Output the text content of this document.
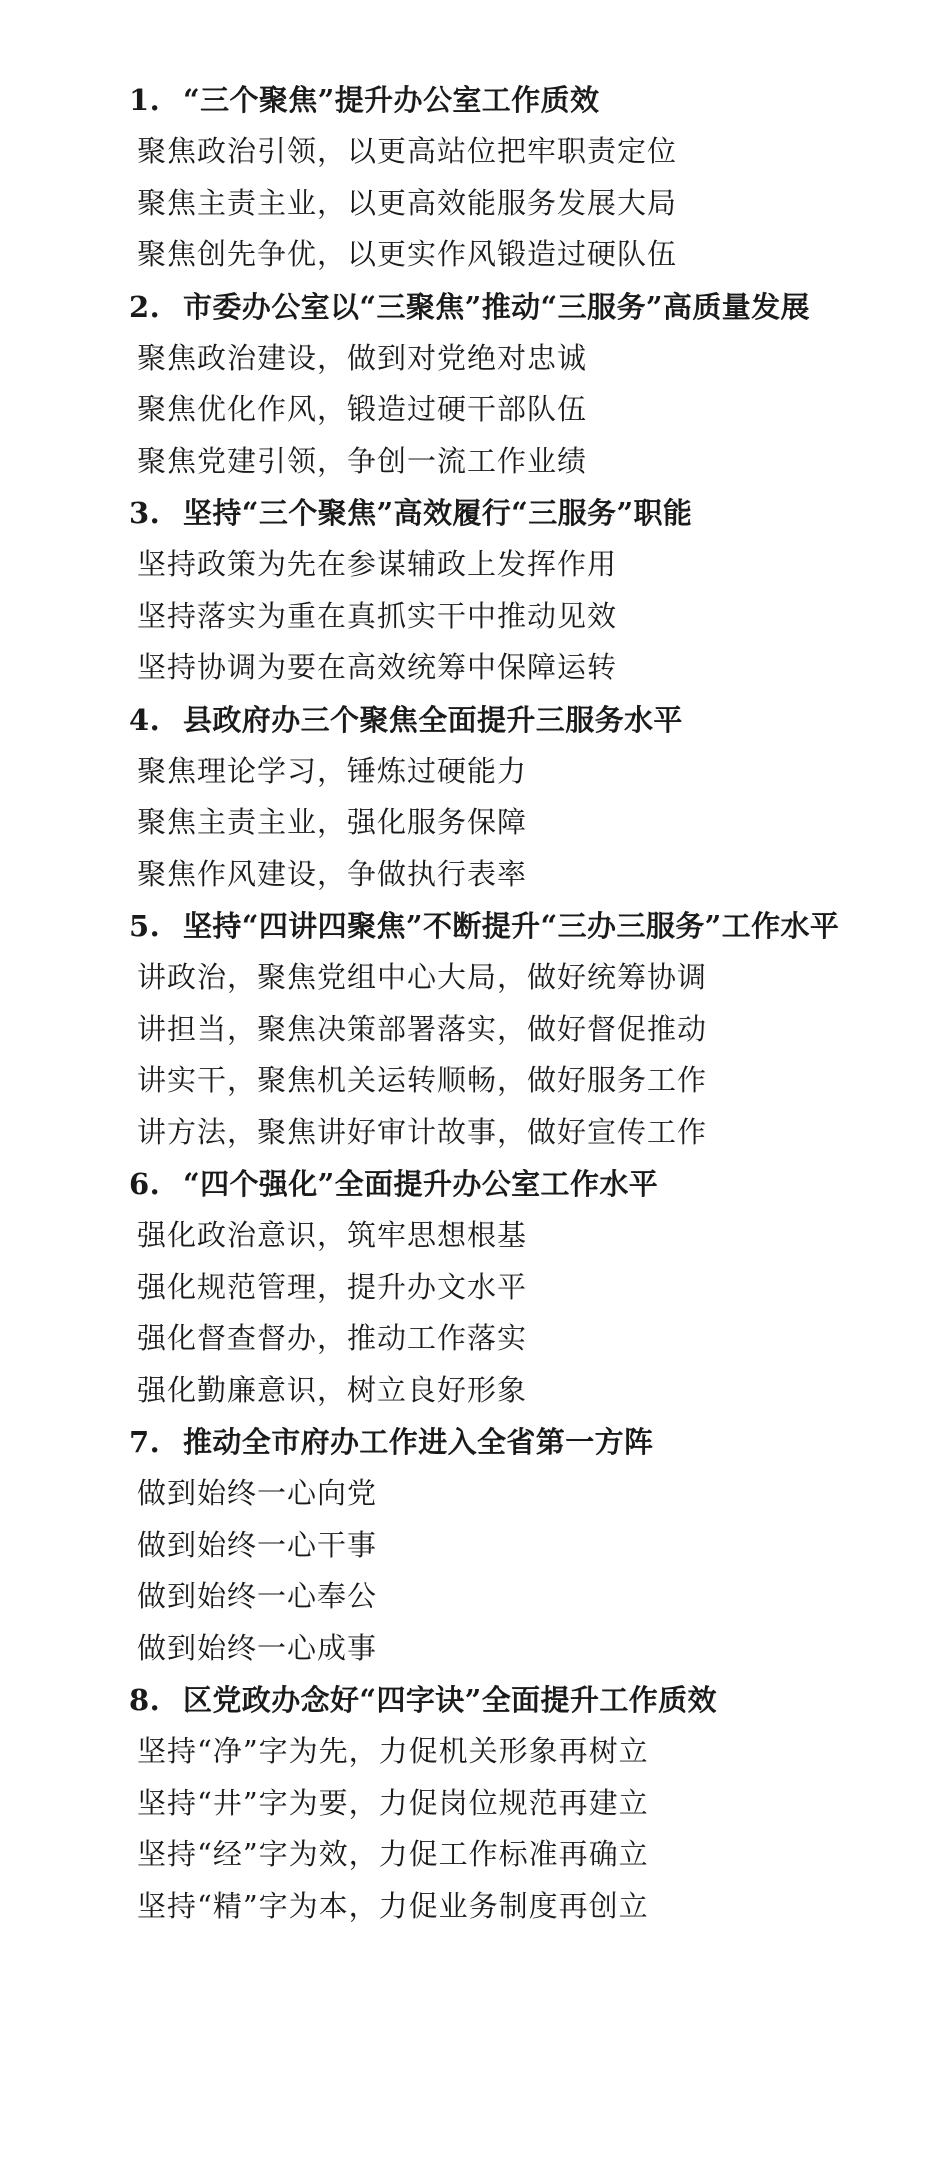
1. “三个聚焦”提升办公室工作质效

聚焦政治引领，以更高站位把牢职责定位

聚焦主责主业，以更高效能服务发展大局

聚焦创先争优，以更实作风锻造过硬队伍

2. 市委办公室以“三聚焦”推动“三服务”高质量发展

聚焦政治建设，做到对党绝对忠诚

聚焦优化作风，锻造过硬干部队伍

聚焦党建引领，争创一流工作业绩

3. 坚持“三个聚焦”高效履行“三服务”职能

坚持政策为先在参谋辅政上发挥作用

坚持落实为重在真抓实干中推动见效

坚持协调为要在高效统筹中保障运转

4. 县政府办三个聚焦全面提升三服务水平

聚焦理论学习，锤炼过硬能力

聚焦主责主业，强化服务保障

聚焦作风建设，争做执行表率

5. 坚持“四讲四聚焦”不断提升“三办三服务”工作水平

讲政治，聚焦党组中心大局，做好统筹协调

讲担当，聚焦决策部署落实，做好督促推动

讲实干，聚焦机关运转顺畅，做好服务工作

讲方法，聚焦讲好审计故事，做好宣传工作

6. “四个强化”全面提升办公室工作水平

强化政治意识，筑牢思想根基

强化规范管理，提升办文水平

强化督查督办，推动工作落实

强化勤廉意识，树立良好形象

7. 推动全市府办工作进入全省第一方阵

做到始终一心向党

做到始终一心干事

做到始终一心奉公

做到始终一心成事

8. 区党政办念好“四字诀”全面提升工作质效

坚持“净”字为先，力促机关形象再树立

坚持“井”字为要，力促岗位规范再建立

坚持“经”字为效，力促工作标准再确立

坚持“精”字为本，力促业务制度再创立
